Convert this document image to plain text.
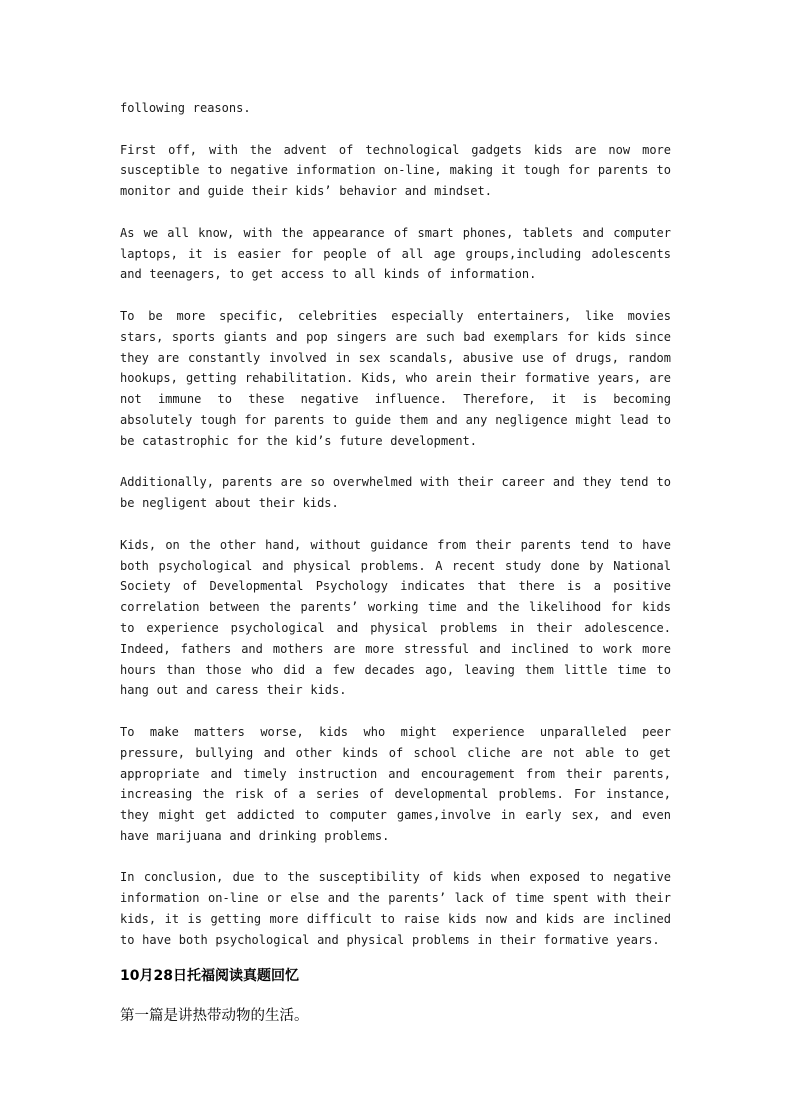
following reasons.

First off, with the advent of technological gadgets kids are now more susceptible to negative information on-line, making it tough for parents to monitor and guide their kids’ behavior and mindset.

As we all know, with the appearance of smart phones, tablets and computer laptops, it is easier for people of all age groups,including adolescents and teenagers, to get access to all kinds of information.

To be more specific, celebrities especially entertainers, like movies stars, sports giants and pop singers are such bad exemplars for kids since they are constantly involved in sex scandals, abusive use of drugs, random hookups, getting rehabilitation. Kids, who arein their formative years, are not immune to these negative influence. Therefore, it is becoming absolutely tough for parents to guide them and any negligence might lead to be catastrophic for the kid’s future development.

Additionally, parents are so overwhelmed with their career and they tend to be negligent about their kids.

Kids, on the other hand, without guidance from their parents tend to have both psychological and physical problems. A recent study done by National Society of Developmental Psychology indicates that there is a positive correlation between the parents’ working time and the likelihood for kids to experience psychological and physical problems in their adolescence. Indeed, fathers and mothers are more stressful and inclined to work more hours than those who did a few decades ago, leaving them little time to hang out and caress their kids.

To make matters worse, kids who might experience unparalleled peer pressure, bullying and other kinds of school cliche are not able to get appropriate and timely instruction and encouragement from their parents, increasing the risk of a series of developmental problems. For instance, they might get addicted to computer games,involve in early sex, and even have marijuana and drinking problems.

In conclusion, due to the susceptibility of kids when exposed to negative information on-line or else and the parents’ lack of time spent with their kids, it is getting more difficult to raise kids now and kids are inclined to have both psychological and physical problems in their formative years.

10月28日托福阅读真题回忆

第一篇是讲热带动物的生活。
